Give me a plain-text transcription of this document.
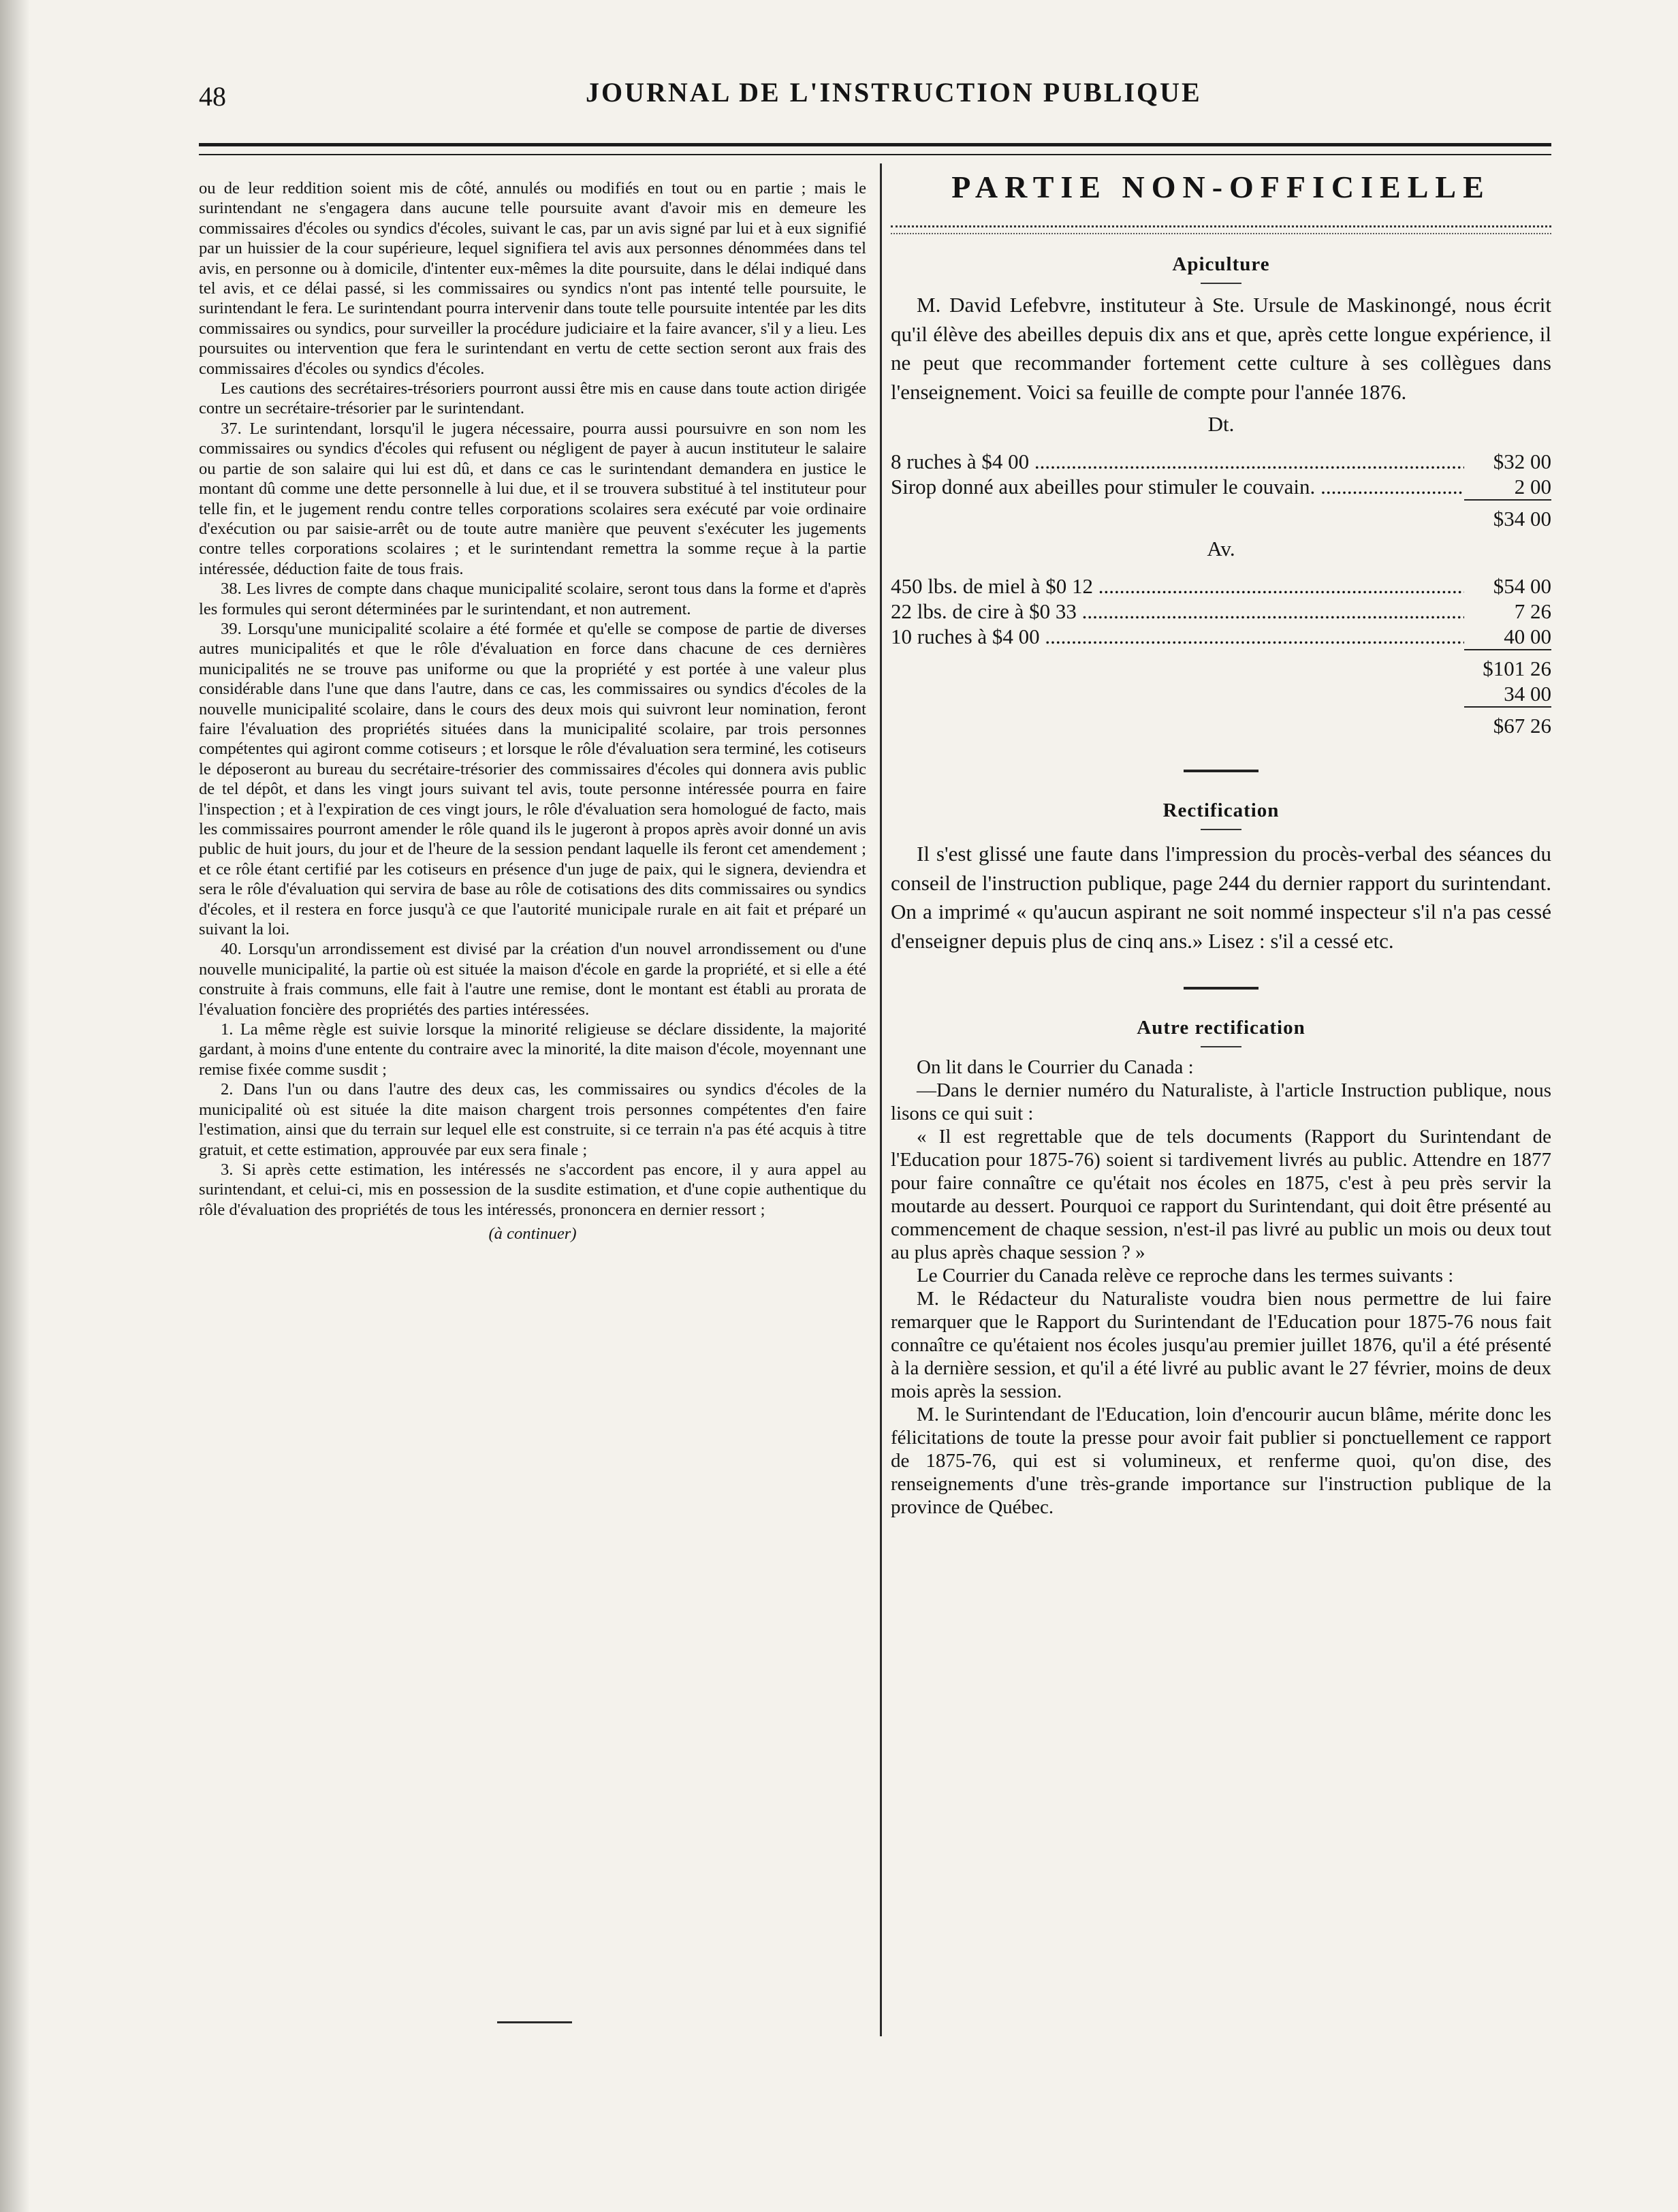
48	JOURNAL DE L'INSTRUCTION PUBLIQUE

ou de leur reddition soient mis de côté, annulés ou modifiés en tout ou en partie ; mais le surintendant ne s'engagera dans aucune telle poursuite avant d'avoir mis en demeure les commissaires d'écoles ou syndics d'écoles, suivant le cas, par un avis signé par lui et à eux signifié par un huissier de la cour supérieure, lequel signifiera tel avis aux personnes dénommées dans tel avis, en personne ou à domicile, d'intenter eux-mêmes la dite poursuite, dans le délai indiqué dans tel avis, et ce délai passé, si les commissaires ou syndics n'ont pas intenté telle poursuite, le surintendant le fera. Le surintendant pourra intervenir dans toute telle poursuite intentée par les dits commissaires ou syndics, pour surveiller la procédure judiciaire et la faire avancer, s'il y a lieu. Les poursuites ou intervention que fera le surintendant en vertu de cette section seront aux frais des commissaires d'écoles ou syndics d'écoles.

Les cautions des secrétaires-trésoriers pourront aussi être mis en cause dans toute action dirigée contre un secrétaire-trésorier par le surintendant.

37. Le surintendant, lorsqu'il le jugera nécessaire, pourra aussi poursuivre en son nom les commissaires ou syndics d'écoles qui refusent ou négligent de payer à aucun instituteur le salaire ou partie de son salaire qui lui est dû, et dans ce cas le surintendant demandera en justice le montant dû comme une dette personnelle à lui due, et il se trouvera substitué à tel instituteur pour telle fin, et le jugement rendu contre telles corporations scolaires sera exécuté par voie ordinaire d'exécution ou par saisie-arrêt ou de toute autre manière que peuvent s'exécuter les jugements contre telles corporations scolaires ; et le surintendant remettra la somme reçue à la partie intéressée, déduction faite de tous frais.

38. Les livres de compte dans chaque municipalité scolaire, seront tous dans la forme et d'après les formules qui seront déterminées par le surintendant, et non autrement.

39. Lorsqu'une municipalité scolaire a été formée et qu'elle se compose de partie de diverses autres municipalités et que le rôle d'évaluation en force dans chacune de ces dernières municipalités ne se trouve pas uniforme ou que la propriété y est portée à une valeur plus considérable dans l'une que dans l'autre, dans ce cas, les commissaires ou syndics d'écoles de la nouvelle municipalité scolaire, dans le cours des deux mois qui suivront leur nomination, feront faire l'évaluation des propriétés situées dans la municipalité scolaire, par trois personnes compétentes qui agiront comme cotiseurs ; et lorsque le rôle d'évaluation sera terminé, les cotiseurs le déposeront au bureau du secrétaire-trésorier des commissaires d'écoles qui donnera avis public de tel dépôt, et dans les vingt jours suivant tel avis, toute personne intéressée pourra en faire l'inspection ; et à l'expiration de ces vingt jours, le rôle d'évaluation sera homologué de facto, mais les commissaires pourront amender le rôle quand ils le jugeront à propos après avoir donné un avis public de huit jours, du jour et de l'heure de la session pendant laquelle ils feront cet amendement ; et ce rôle étant certifié par les cotiseurs en présence d'un juge de paix, qui le signera, deviendra et sera le rôle d'évaluation qui servira de base au rôle de cotisations des dits commissaires ou syndics d'écoles, et il restera en force jusqu'à ce que l'autorité municipale rurale en ait fait et préparé un suivant la loi.

40. Lorsqu'un arrondissement est divisé par la création d'un nouvel arrondissement ou d'une nouvelle municipalité, la partie où est située la maison d'école en garde la propriété, et si elle a été construite à frais communs, elle fait à l'autre une remise, dont le montant est établi au prorata de l'évaluation foncière des propriétés des parties intéressées.

1. La même règle est suivie lorsque la minorité religieuse se déclare dissidente, la majorité gardant, à moins d'une entente du contraire avec la minorité, la dite maison d'école, moyennant une remise fixée comme susdit ;

2. Dans l'un ou dans l'autre des deux cas, les commissaires ou syndics d'écoles de la municipalité où est située la dite maison chargent trois personnes compétentes d'en faire l'estimation, ainsi que du terrain sur lequel elle est construite, si ce terrain n'a pas été acquis à titre gratuit, et cette estimation, approuvée par eux sera finale ;

3. Si après cette estimation, les intéressés ne s'accordent pas encore, il y aura appel au surintendant, et celui-ci, mis en possession de la susdite estimation, et d'une copie authentique du rôle d'évaluation des propriétés de tous les intéressés, prononcera en dernier ressort ;

(à continuer)
PARTIE NON-OFFICIELLE
Apiculture

M. David Lefebvre, instituteur à Ste. Ursule de Maskinongé, nous écrit qu'il élève des abeilles depuis dix ans et que, après cette longue expérience, il ne peut que recommander fortement cette culture à ses collègues dans l'enseignement. Voici sa feuille de compte pour l'année 1876.

Dt.
8 ruches à $4 00 .....	$32 00
Sirop donné aux abeilles pour stimuler le couvain. .....	2 00
$34 00
Av.
450 lbs. de miel à $0 12 .....	$54 00
22 lbs. de cire à $0 33 .....	7 26
10 ruches à $4 00 .....	40 00
$101 26
34 00
$67 26
Rectification

Il s'est glissé une faute dans l'impression du procès-verbal des séances du conseil de l'instruction publique, page 244 du dernier rapport du surintendant. On a imprimé « qu'aucun aspirant ne soit nommé inspecteur s'il n'a pas cessé d'enseigner depuis plus de cinq ans.» Lisez : s'il a cessé etc.

Autre rectification

On lit dans le Courrier du Canada :

—Dans le dernier numéro du Naturaliste, à l'article Instruction publique, nous lisons ce qui suit :

« Il est regrettable que de tels documents (Rapport du Surintendant de l'Education pour 1875-76) soient si tardivement livrés au public. Attendre en 1877 pour faire connaître ce qu'était nos écoles en 1875, c'est à peu près servir la moutarde au dessert. Pourquoi ce rapport du Surintendant, qui doit être présenté au commencement de chaque session, n'est-il pas livré au public un mois ou deux tout au plus après chaque session ? »

Le Courrier du Canada relève ce reproche dans les termes suivants :

M. le Rédacteur du Naturaliste voudra bien nous permettre de lui faire remarquer que le Rapport du Surintendant de l'Education pour 1875-76 nous fait connaître ce qu'étaient nos écoles jusqu'au premier juillet 1876, qu'il a été présenté à la dernière session, et qu'il a été livré au public avant le 27 février, moins de deux mois après la session.

M. le Surintendant de l'Education, loin d'encourir aucun blâme, mérite donc les félicitations de toute la presse pour avoir fait publier si ponctuellement ce rapport de 1875-76, qui est si volumineux, et renferme quoi, qu'on dise, des renseignements d'une très-grande importance sur l'instruction publique de la province de Québec.
